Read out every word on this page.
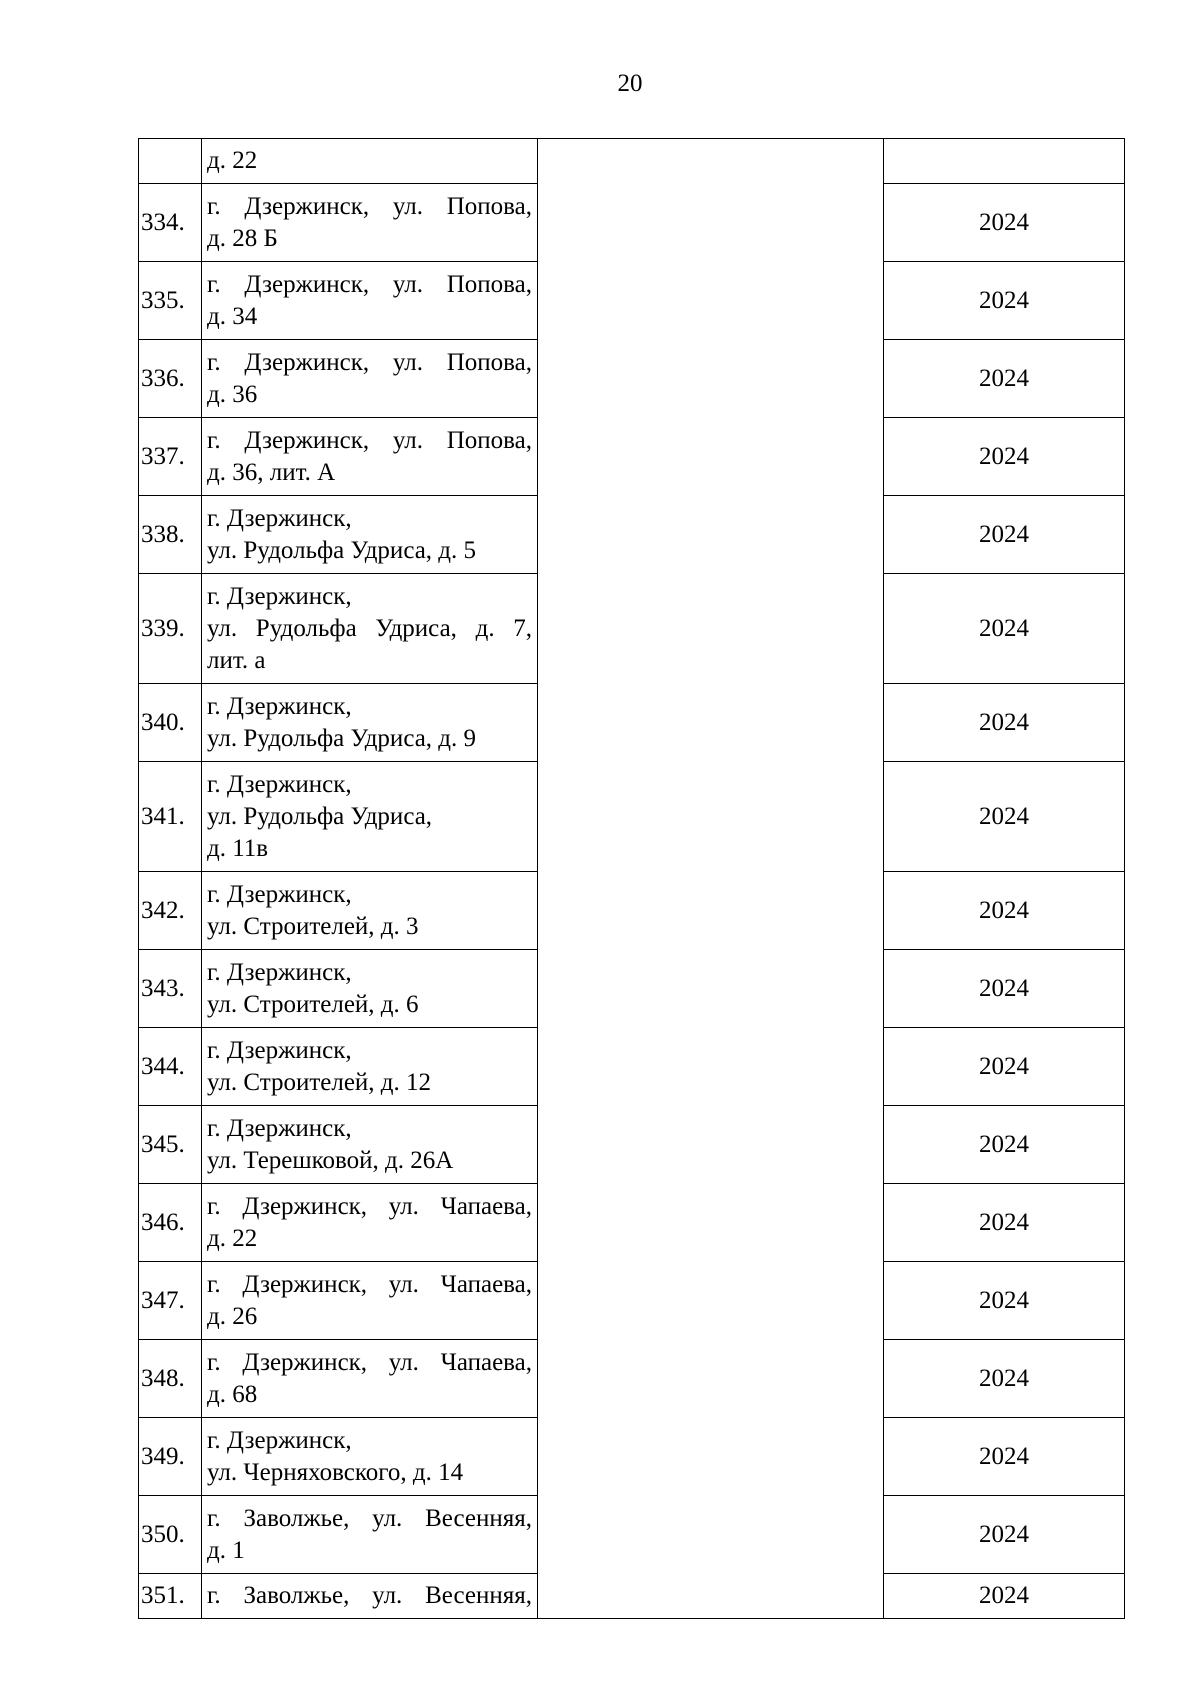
20

	д. 22		

334.	г. Дзержинск, ул. Попова,
д. 28 Б		2024
335.	г. Дзержинск, ул. Попова,
д. 34		2024
336.	г. Дзержинск, ул. Попова,
д. 36		2024
337.	г. Дзержинск, ул. Попова,
д. 36, лит. А		2024
338.	г. Дзержинск,
ул. Рудольфа Удриса, д. 5		2024
339.	г. Дзержинск,
ул. Рудольфа Удриса, д. 7,
лит. а		2024
340.	г. Дзержинск,
ул. Рудольфа Удриса, д. 9		2024
341.	г. Дзержинск,
ул. Рудольфа Удриса,
д. 11в		2024
342.	г. Дзержинск,
ул. Строителей, д. 3		2024
343.	г. Дзержинск,
ул. Строителей, д. 6		2024
344.	г. Дзержинск,
ул. Строителей, д. 12		2024
345.	г. Дзержинск,
ул. Терешковой, д. 26А		2024
346.	г. Дзержинск, ул. Чапаева,
д. 22		2024
347.	г. Дзержинск, ул. Чапаева,
д. 26		2024
348.	г. Дзержинск, ул. Чапаева,
д. 68		2024
349.	г. Дзержинск,
ул. Черняховского, д. 14		2024
350.	г. Заволжье, ул. Весенняя,
д. 1		2024
351.	г. Заволжье, ул. Весенняя,		2024
